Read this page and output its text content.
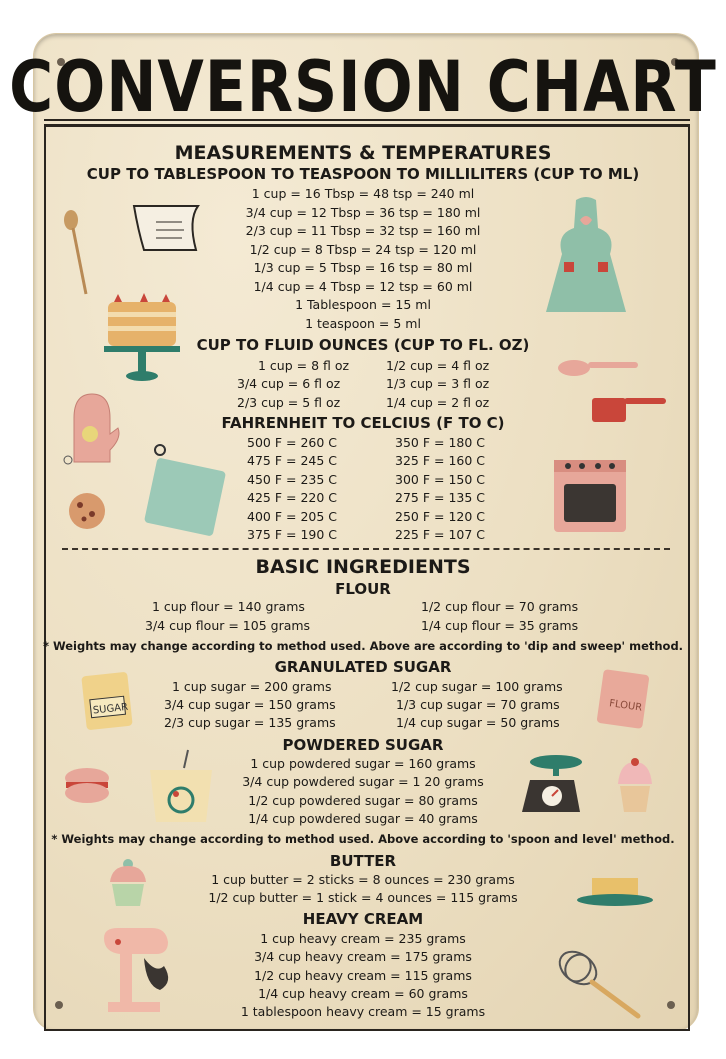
CONVERSION CHART
MEASUREMENTS & TEMPERATURES
CUP TO TABLESPOON TO TEASPOON TO MILLILITERS (CUP TO ML)
1 cup = 16 Tbsp = 48 tsp = 240 ml
3/4 cup = 12 Tbsp = 36 tsp = 180 ml
2/3 cup = 11 Tbsp = 32 tsp = 160 ml
1/2 cup = 8 Tbsp = 24 tsp = 120 ml
1/3 cup = 5 Tbsp = 16 tsp = 80 ml
1/4 cup = 4 Tbsp = 12 tsp = 60 ml
1 Tablespoon = 15 ml
1 teaspoon = 5 ml
CUP TO FLUID OUNCES (CUP TO FL. OZ)
1 cup = 8 fl oz
3/4 cup = 6 fl oz
2/3 cup = 5 fl oz
1/2 cup = 4 fl oz
1/3 cup = 3 fl oz
1/4 cup = 2 fl oz
FAHRENHEIT TO CELCIUS (F TO C)
500 F = 260 C
475 F = 245 C
450 F = 235 C
425 F = 220 C
400 F = 205 C
375 F = 190 C
350 F = 180 C
325 F = 160 C
300 F = 150 C
275 F = 135 C
250 F = 120 C
225 F = 107 C
BASIC INGREDIENTS
FLOUR
1 cup flour = 140 grams
3/4 cup flour = 105 grams
1/2 cup flour = 70 grams
1/4 cup flour = 35 grams
* Weights may change according to method used. Above are according to 'dip and sweep' method.
GRANULATED SUGAR
1 cup sugar = 200 grams
3/4 cup sugar = 150 grams
2/3 cup sugar = 135 grams
1/2 cup sugar = 100 grams
1/3 cup sugar = 70 grams
1/4 cup sugar = 50 grams
POWDERED SUGAR
1 cup powdered sugar = 160 grams
3/4 cup powdered sugar = 1 20 grams
1/2 cup powdered sugar = 80 grams
1/4 cup powdered sugar = 40 grams
* Weights may change according to method used. Above according to 'spoon and level' method.
BUTTER
1 cup butter = 2 sticks = 8 ounces = 230 grams
1/2 cup butter = 1 stick = 4 ounces = 115 grams
HEAVY CREAM
1 cup heavy cream = 235 grams
3/4 cup heavy cream = 175 grams
1/2 cup heavy cream = 115 grams
1/4 cup heavy cream = 60 grams
1 tablespoon heavy cream = 15 grams
SUGAR	FLOUR
